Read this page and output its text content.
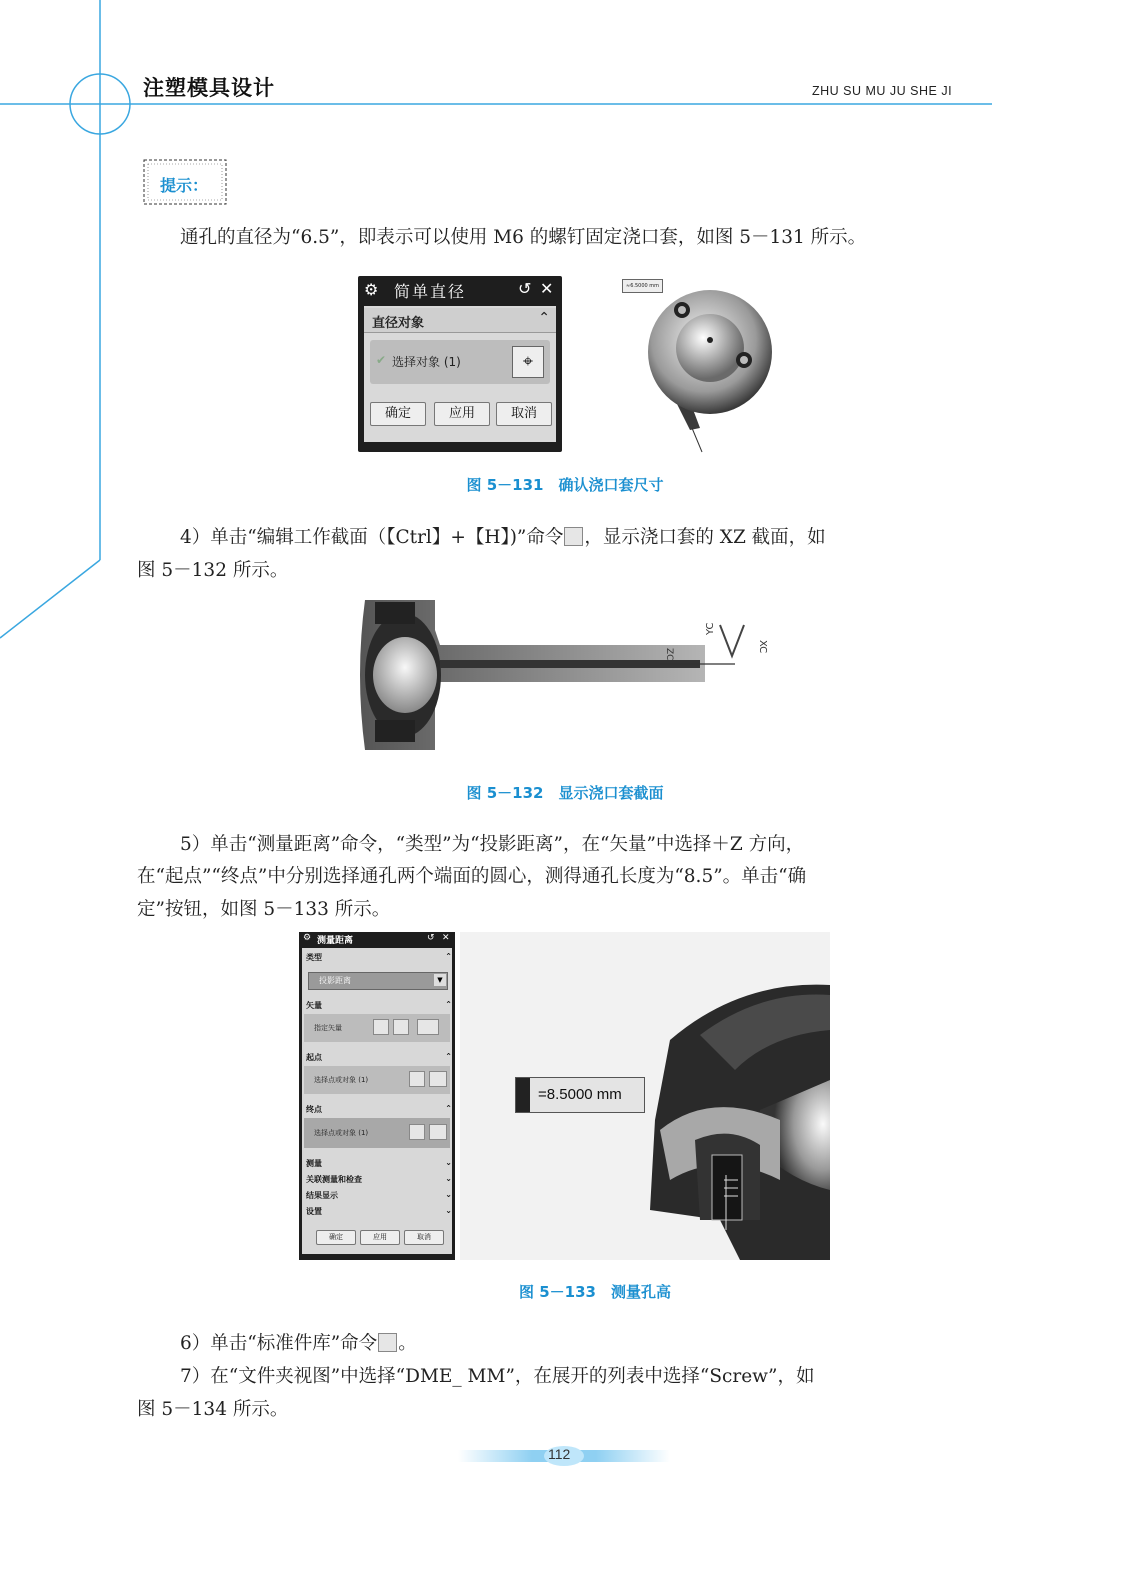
注塑模具设计	ZHU SU MU JU SHE JI
提示：
通孔的直径为“6.5”，即表示可以使用 M6 的螺钉固定浇口套，如图 5－131 所示。
⚙ 简单直径	↺ ✕
直径对象	⌃
✔ 选择对象 (1)	⌖
确定	应用	取消
≈6.5000 mm
图 5－131　确认浇口套尺寸
4）单击“编辑工作截面（【Ctrl】+【H】)”命令 ，显示浇口套的 XZ 截面，如
图 5－132 所示。
YC
XC
ZC
图 5－132　显示浇口套截面
5）单击“测量距离”命令，“类型”为“投影距离”，在“矢量”中选择＋Z 方向，
在“起点”“终点”中分别选择通孔两个端面的圆心，测得通孔长度为“8.5”。单击“确
定”按钮，如图 5－133 所示。
⚙ 测量距离	↺ ✕
类型	⌃
投影距离	▼
矢量	⌃
指定矢量
起点	⌃
选择点或对象 (1)
终点	⌃
选择点或对象 (1)
测量	⌄
关联测量和检查	⌄
结果显示	⌄
设置	⌄
确定	应用	取消
=8.5000 mm
图 5－133　测量孔高
6）单击“标准件库”命令 。
7）在“文件夹视图”中选择“DME_ MM”，在展开的列表中选择“Screw”，如
图 5－134 所示。
112
